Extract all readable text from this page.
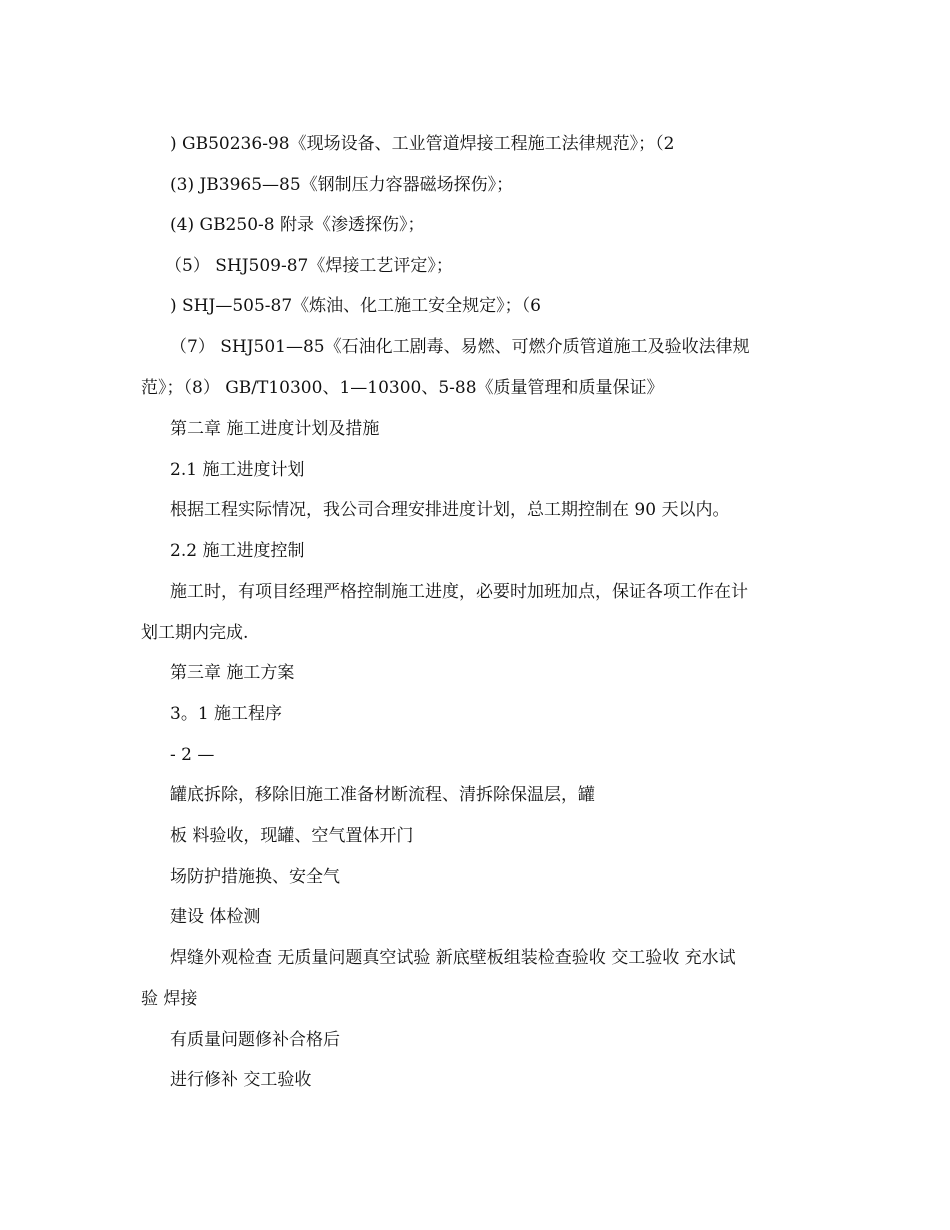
) GB50236-98《现场设备、工业管道焊接工程施工法律规范》；（2
(3) JB3965—85《钢制压力容器磁场探伤》；
(4) GB250-8 附录《渗透探伤》；
（5） SHJ509-87《焊接工艺评定》；
) SHJ—505-87《炼油、化工施工安全规定》；（6
（7） SHJ501—85《石油化工剧毒、易燃、可燃介质管道施工及验收法律规
范》；（8） GB/T10300、1—10300、5-88《质量管理和质量保证》
第二章 施工进度计划及措施
2.1 施工进度计划
根据工程实际情况，我公司合理安排进度计划，总工期控制在 90 天以内。
2.2 施工进度控制
施工时，有项目经理严格控制施工进度，必要时加班加点，保证各项工作在计
划工期内完成.
第三章 施工方案
3。1 施工程序
- 2 —
罐底拆除，移除旧施工准备材断流程、清拆除保温层，罐
板 料验收，现罐、空气置体开门
场防护措施换、安全气
建设 体检测
焊缝外观检查 无质量问题真空试验 新底壁板组装检查验收 交工验收 充水试
验 焊接
有质量问题修补合格后
进行修补 交工验收
